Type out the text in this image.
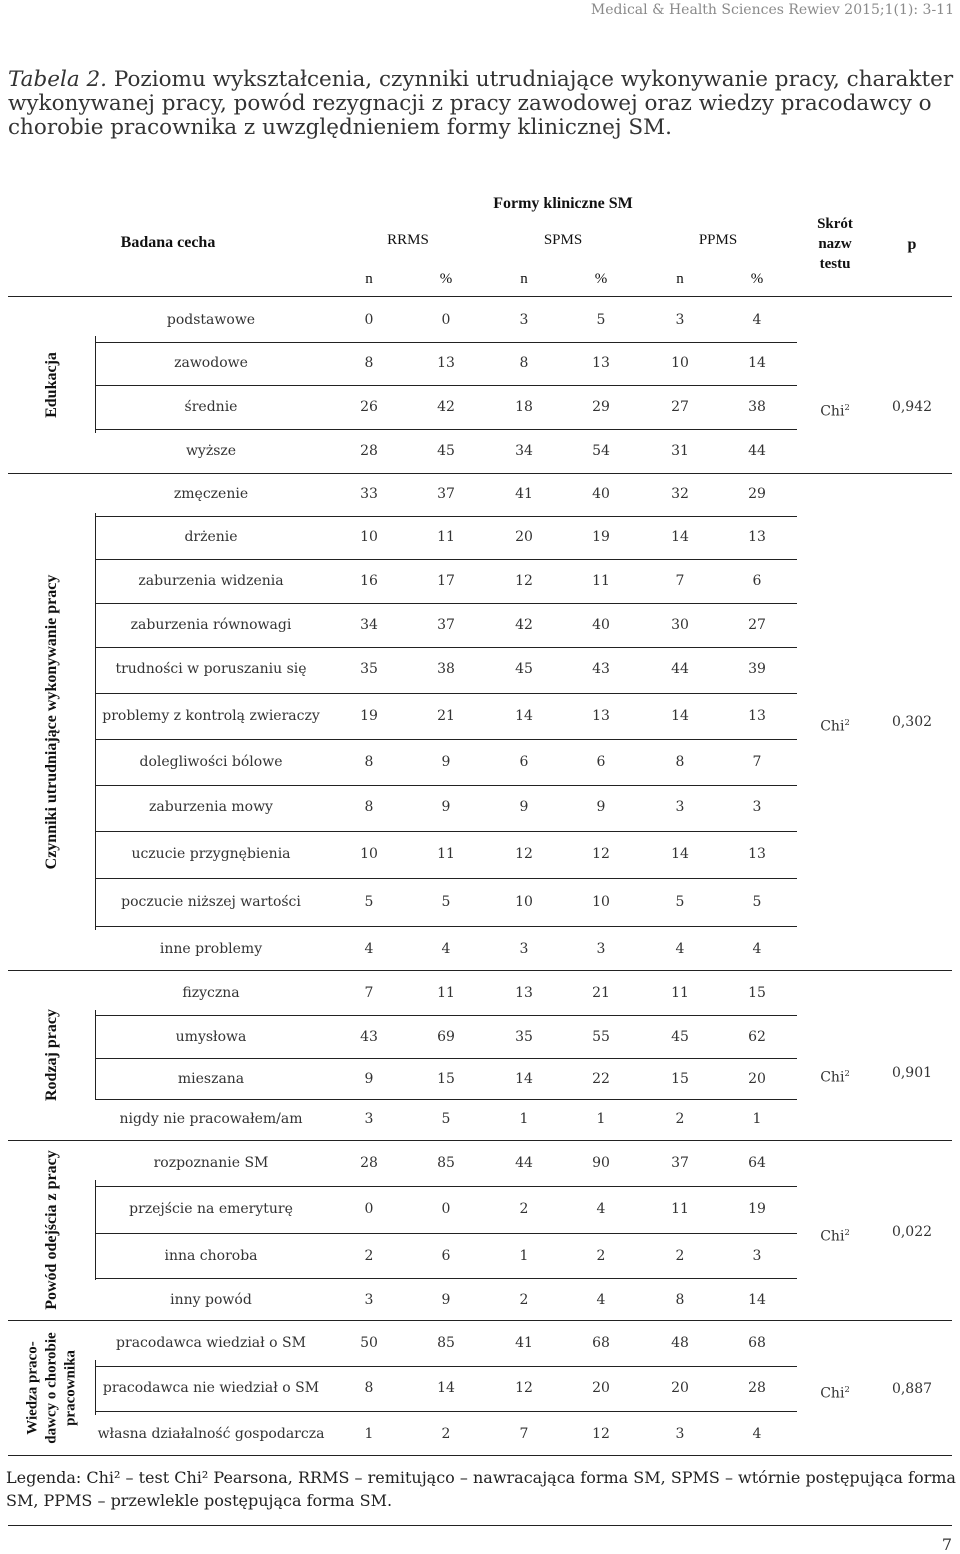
Medical & Health Sciences Rewiev 2015;1(1): 3-11
Tabela 2. Poziomu wykształcenia, czynniki utrudniające wykonywanie pracy, charakter wykonywanej pracy, powód rezygnacji z pracy zawodowej oraz wiedzy pracodawcy o chorobie pracownika z uwzględnieniem formy klinicznej SM.
Formy kliniczne SM
Badana cecha	RRMS	SPMS	PPMS
n	%	n	%	n	%
Skrót
nazw
testu
p
Edukacja
podstawowe	0	0	3	5	3	4
zawodowe	8	13	8	13	10	14
średnie	26	42	18	29	27	38
wyższe	28	45	34	54	31	44
Chi$^2$	0,942
Czynniki utrudniające wykonywanie pracy
zmęczenie	33	37	41	40	32	29
drżenie	10	11	20	19	14	13
zaburzenia widzenia	16	17	12	11	7	6
zaburzenia równowagi	34	37	42	40	30	27
trudności w poruszaniu się	35	38	45	43	44	39
problemy z kontrolą zwieraczy	19	21	14	13	14	13
dolegliwości bólowe	8	9	6	6	8	7
zaburzenia mowy	8	9	9	9	3	3
uczucie przygnębienia	10	11	12	12	14	13
poczucie niższej wartości	5	5	10	10	5	5
inne problemy	4	4	3	3	4	4
Chi$^2$	0,302
Rodzaj pracy
fizyczna	7	11	13	21	11	15
umysłowa	43	69	35	55	45	62
mieszana	9	15	14	22	15	20
nigdy nie pracowałem/am	3	5	1	1	2	1
Chi$^2$	0,901
Powód odejścia z pracy	rozpoznanie SM	28	85	44	90	37	64
przejście na emeryturę	0	0	2	4	11	19
inna choroba	2	6	1	2	2	3
inny powód	3	9	2	4	8	14
Chi$^2$	0,022
Wiedza praco- dawcy o chorobie pracownika
pracodawca wiedział o SM	50	85	41	68	48	68
pracodawca nie wiedział o SM	8	14	12	20	20	28
własna działalność gospodarcza	1	2	7	12	3	4
Chi$^2$	0,887
Legenda: Chi² – test Chi² Pearsona, RRMS – remitująco – nawracająca forma SM, SPMS – wtórnie postępująca forma SM, PPMS – przewlekle postępująca forma SM.
7
